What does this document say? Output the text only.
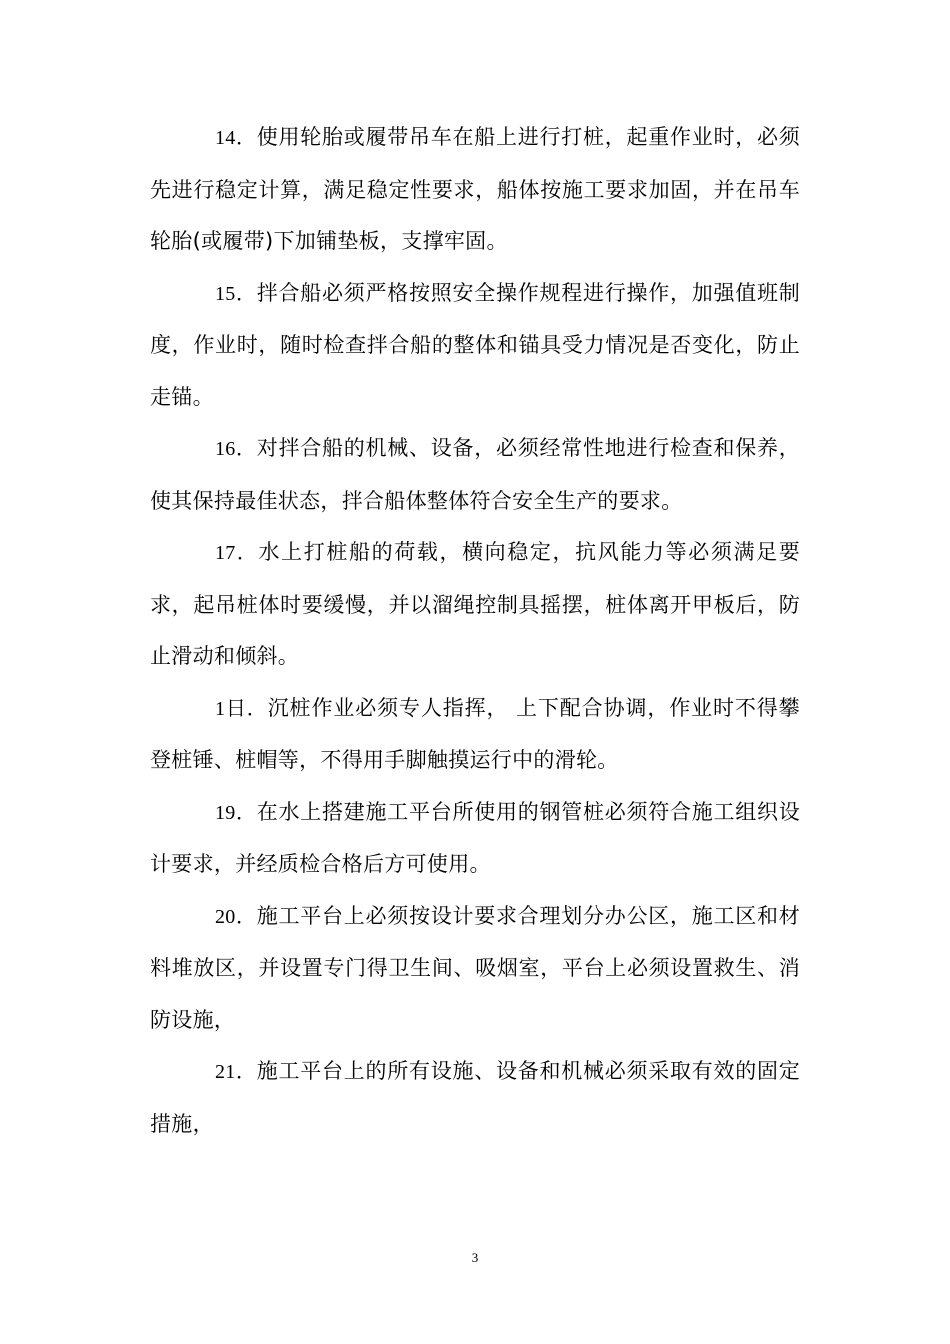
14．使用轮胎或履带吊车在船上进行打桩，起重作业时，必须先进行稳定计算，满足稳定性要求，船体按施工要求加固，并在吊车轮胎(或履带)下加铺垫板，支撑牢固。

15．拌合船必须严格按照安全操作规程进行操作，加强值班制度，作业时，随时检查拌合船的整体和锚具受力情况是否变化，防止走锚。

16．对拌合船的机械、设备，必须经常性地进行检查和保养，使其保持最佳状态，拌合船体整体符合安全生产的要求。

17．水上打桩船的荷载，横向稳定，抗风能力等必须满足要求，起吊桩体时要缓慢，并以溜绳控制具摇摆，桩体离开甲板后，防止滑动和倾斜。

1日．沉桩作业必须专人指挥， 上下配合协调，作业时不得攀登桩锤、桩帽等，不得用手脚触摸运行中的滑轮。

19．在水上搭建施工平台所使用的钢管桩必须符合施工组织设计要求，并经质检合格后方可使用。

20．施工平台上必须按设计要求合理划分办公区，施工区和材料堆放区，并设置专门得卫生间、吸烟室，平台上必须设置救生、消防设施，

21．施工平台上的所有设施、设备和机械必须采取有效的固定措施，

3
